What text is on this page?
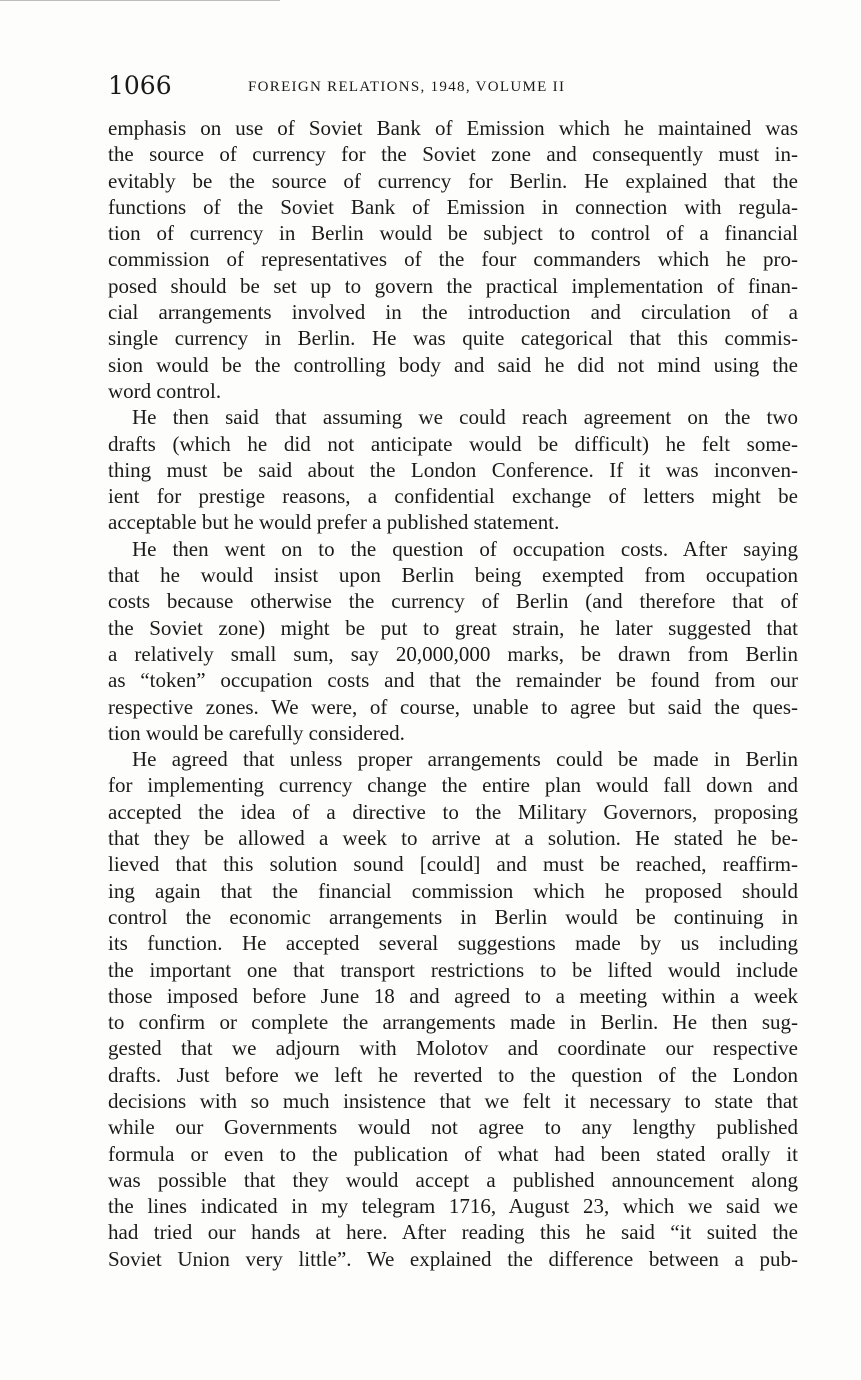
1066	FOREIGN RELATIONS, 1948, VOLUME II
emphasis on use of Soviet Bank of Emission which he maintained was
the source of currency for the Soviet zone and consequently must in-
evitably be the source of currency for Berlin. He explained that the
functions of the Soviet Bank of Emission in connection with regula-
tion of currency in Berlin would be subject to control of a financial
commission of representatives of the four commanders which he pro-
posed should be set up to govern the practical implementation of finan-
cial arrangements involved in the introduction and circulation of a
single currency in Berlin. He was quite categorical that this commis-
sion would be the controlling body and said he did not mind using the
word control.
He then said that assuming we could reach agreement on the two
drafts (which he did not anticipate would be difficult) he felt some-
thing must be said about the London Conference. If it was inconven-
ient for prestige reasons, a confidential exchange of letters might be
acceptable but he would prefer a published statement.
He then went on to the question of occupation costs. After saying
that he would insist upon Berlin being exempted from occupation
costs because otherwise the currency of Berlin (and therefore that of
the Soviet zone) might be put to great strain, he later suggested that
a relatively small sum, say 20,000,000 marks, be drawn from Berlin
as “token” occupation costs and that the remainder be found from our
respective zones. We were, of course, unable to agree but said the ques-
tion would be carefully considered.
He agreed that unless proper arrangements could be made in Berlin
for implementing currency change the entire plan would fall down and
accepted the idea of a directive to the Military Governors, proposing
that they be allowed a week to arrive at a solution. He stated he be-
lieved that this solution sound [could] and must be reached, reaffirm-
ing again that the financial commission which he proposed should
control the economic arrangements in Berlin would be continuing in
its function. He accepted several suggestions made by us including
the important one that transport restrictions to be lifted would include
those imposed before June 18 and agreed to a meeting within a week
to confirm or complete the arrangements made in Berlin. He then sug-
gested that we adjourn with Molotov and coordinate our respective
drafts. Just before we left he reverted to the question of the London
decisions with so much insistence that we felt it necessary to state that
while our Governments would not agree to any lengthy published
formula or even to the publication of what had been stated orally it
was possible that they would accept a published announcement along
the lines indicated in my telegram 1716, August 23, which we said we
had tried our hands at here. After reading this he said “it suited the
Soviet Union very little”. We explained the difference between a pub-
